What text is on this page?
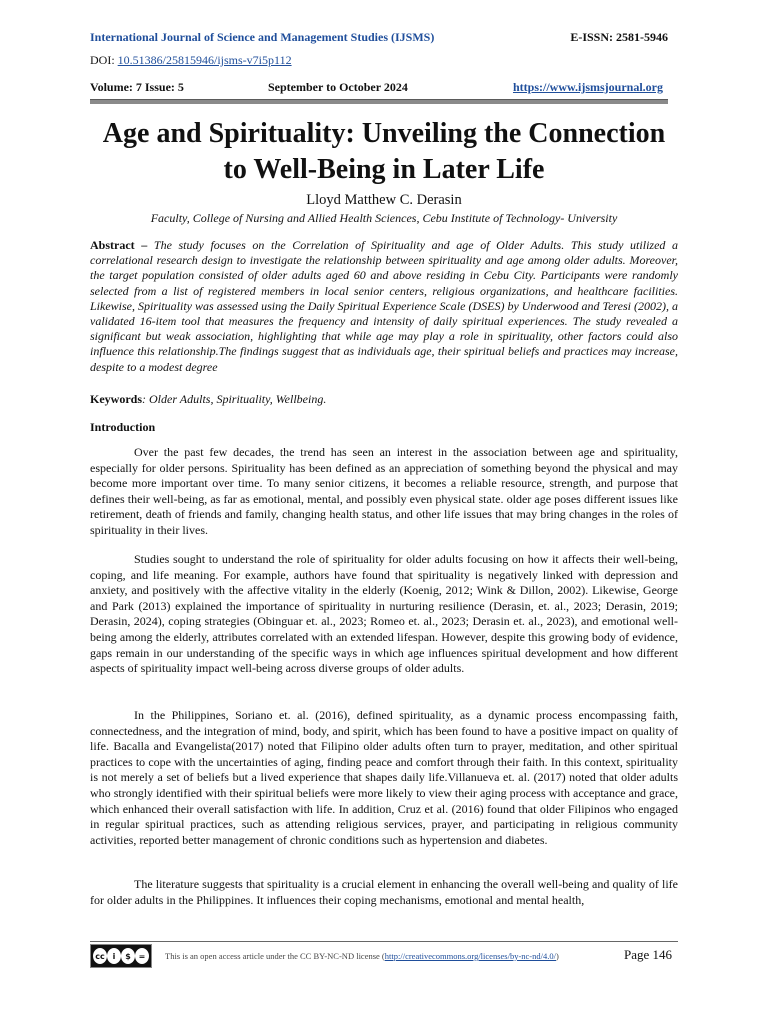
International Journal of Science and Management Studies (IJSMS)	E-ISSN: 2581-5946
DOI: 10.51386/25815946/ijsms-v7i5p112
Volume: 7 Issue: 5	September to October 2024	https://www.ijsmsjournal.org
Age and Spirituality: Unveiling the Connection to Well-Being in Later Life
Lloyd Matthew C. Derasin
Faculty, College of Nursing and Allied Health Sciences, Cebu Institute of Technology- University
Abstract – The study focuses on the Correlation of Spirituality and age of Older Adults. This study utilized a correlational research design to investigate the relationship between spirituality and age among older adults. Moreover, the target population consisted of older adults aged 60 and above residing in Cebu City. Participants were randomly selected from a list of registered members in local senior centers, religious organizations, and healthcare facilities. Likewise, Spirituality was assessed using the Daily Spiritual Experience Scale (DSES) by Underwood and Teresi (2002), a validated 16-item tool that measures the frequency and intensity of daily spiritual experiences. The study revealed a significant but weak association, highlighting that while age may play a role in spirituality, other factors could also influence this relationship.The findings suggest that as individuals age, their spiritual beliefs and practices may increase, despite to a modest degree
Keywords: Older Adults, Spirituality, Wellbeing.
Introduction

Over the past few decades, the trend has seen an interest in the association between age and spirituality, especially for older persons. Spirituality has been defined as an appreciation of something beyond the physical and may become more important over time. To many senior citizens, it becomes a reliable resource, strength, and purpose that defines their well-being, as far as emotional, mental, and possibly even physical state. older age poses different issues like retirement, death of friends and family, changing health status, and other life issues that may bring changes in the roles of spirituality in their lives.

Studies sought to understand the role of spirituality for older adults focusing on how it affects their well-being, coping, and life meaning. For example, authors have found that spirituality is negatively linked with depression and anxiety, and positively with the affective vitality in the elderly (Koenig, 2012; Wink & Dillon, 2002). Likewise, George and Park (2013) explained the importance of spirituality in nurturing resilience (Derasin, et. al., 2023; Derasin, 2019; Derasin, 2024), coping strategies (Obinguar et. al., 2023; Romeo et. al., 2023; Derasin et. al., 2023), and emotional well-being among the elderly, attributes correlated with an extended lifespan. However, despite this growing body of evidence, gaps remain in our understanding of the specific ways in which age influences spiritual development and how different aspects of spirituality impact well-being across diverse groups of older adults.

In the Philippines, Soriano et. al. (2016), defined spirituality, as a dynamic process encompassing faith, connectedness, and the integration of mind, body, and spirit, which has been found to have a positive impact on quality of life. Bacalla and Evangelista(2017) noted that Filipino older adults often turn to prayer, meditation, and other spiritual practices to cope with the uncertainties of aging, finding peace and comfort through their faith. In this context, spirituality is not merely a set of beliefs but a lived experience that shapes daily life.Villanueva et. al. (2017) noted that older adults who strongly identified with their spiritual beliefs were more likely to view their aging process with acceptance and grace, which enhanced their overall satisfaction with life. In addition, Cruz et al. (2016) found that older Filipinos who engaged in regular spiritual practices, such as attending religious services, prayer, and participating in religious community activities, reported better management of chronic conditions such as hypertension and diabetes.

The literature suggests that spirituality is a crucial element in enhancing the overall well-being and quality of life for older adults in the Philippines. It influences their coping mechanisms, emotional and mental health,

cc i	$ =	This is an open access article under the CC BY-NC-ND license (http://creativecommons.org/licenses/by-nc-nd/4.0/)	Page 146
